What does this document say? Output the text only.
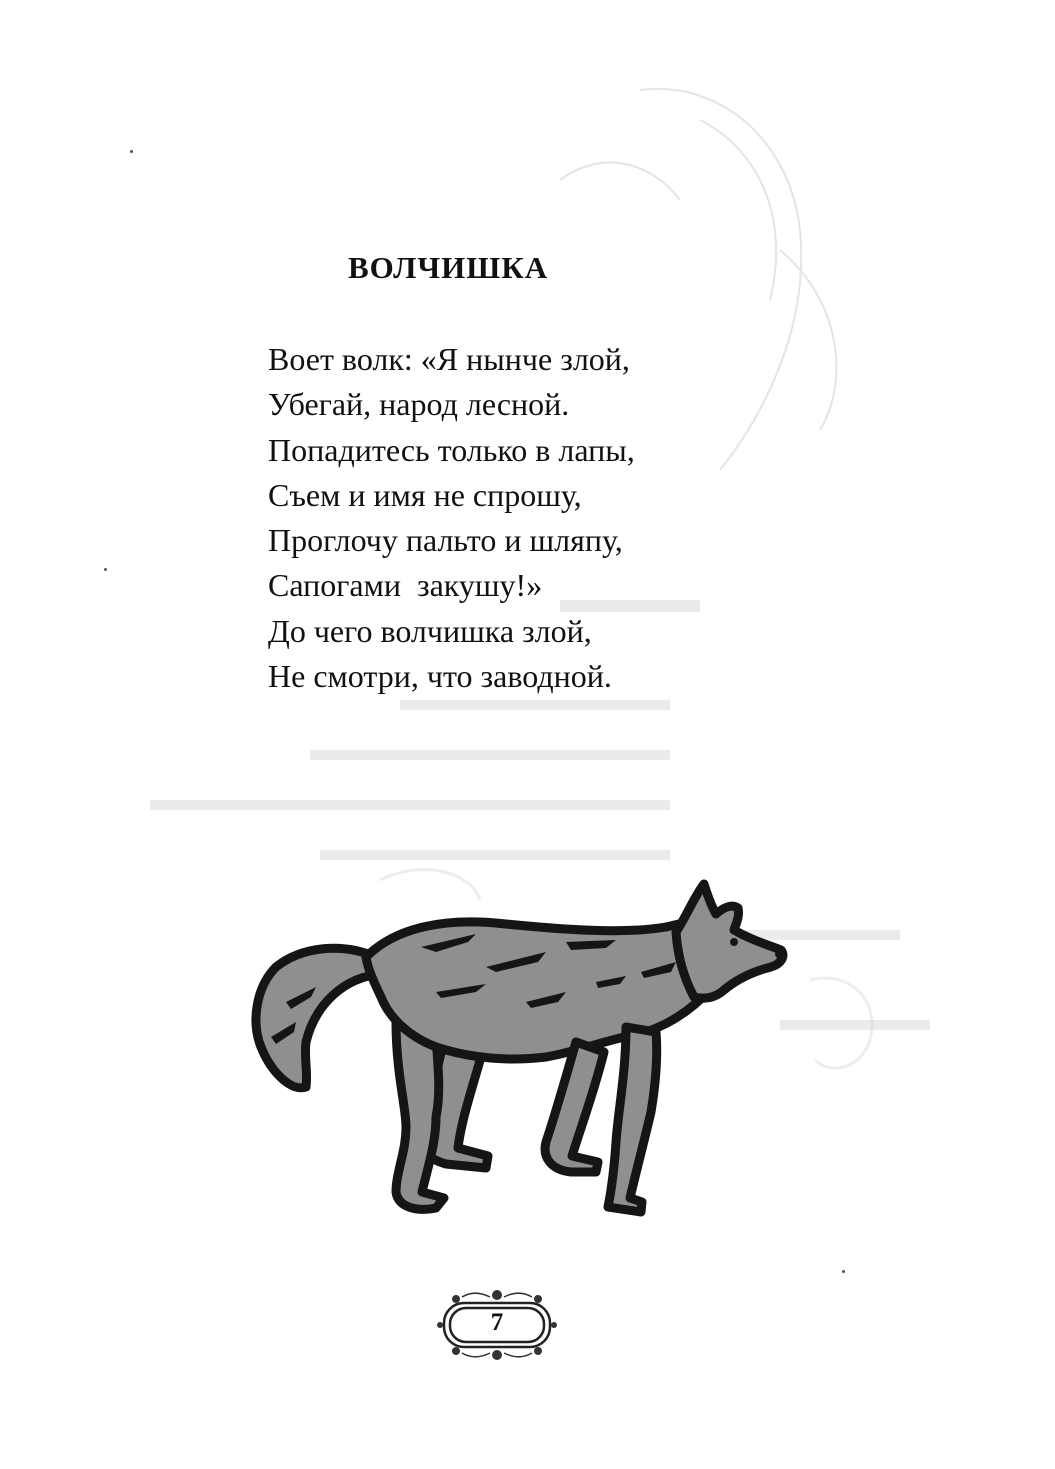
ВОЛЧИШКА
Воет волк: «Я нынче злой,
Убегай, народ лесной.
Попадитесь только в лапы,
Съем и имя не спрошу,
Проглочу пальто и шляпу,
Сапогами  закушу!»
До чего волчишка злой,
Не смотри, что заводной.
7
